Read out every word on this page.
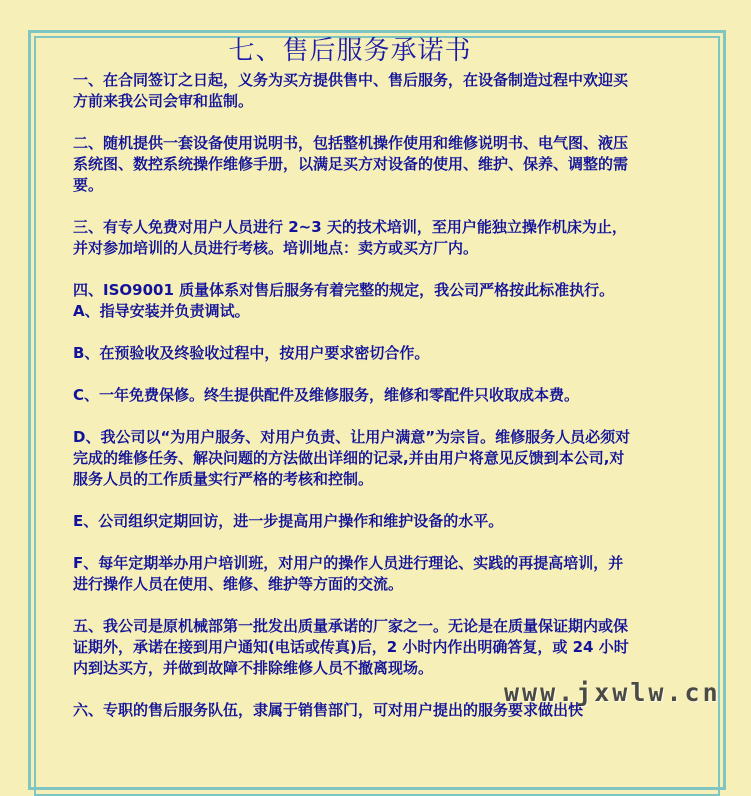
七、售后服务承诺书

一、在合同签订之日起，义务为买方提供售中、售后服务，在设备制造过程中欢迎买方前来我公司会审和监制。

二、随机提供一套设备使用说明书，包括整机操作使用和维修说明书、电气图、液压系统图、数控系统操作维修手册，以满足买方对设备的使用、维护、保养、调整的需要。

三、有专人免费对用户人员进行 2~3 天的技术培训，至用户能独立操作机床为止，并对参加培训的人员进行考核。培训地点：卖方或买方厂内。

四、ISO9001 质量体系对售后服务有着完整的规定，我公司严格按此标准执行。

A、指导安装并负责调试。

B、在预验收及终验收过程中，按用户要求密切合作。

C、一年免费保修。终生提供配件及维修服务，维修和零配件只收取成本费。

D、我公司以“为用户服务、对用户负责、让用户满意”为宗旨。维修服务人员必须对完成的维修任务、解决问题的方法做出详细的记录,并由用户将意见反馈到本公司,对服务人员的工作质量实行严格的考核和控制。

E、公司组织定期回访，进一步提高用户操作和维护设备的水平。

F、每年定期举办用户培训班，对用户的操作人员进行理论、实践的再提高培训，并进行操作人员在使用、维修、维护等方面的交流。

五、我公司是原机械部第一批发出质量承诺的厂家之一。无论是在质量保证期内或保证期外，承诺在接到用户通知(电话或传真)后，2 小时内作出明确答复，或 24 小时内到达买方，并做到故障不排除维修人员不撤离现场。

六、专职的售后服务队伍，隶属于销售部门，可对用户提出的服务要求做出快

www.jxwlw.cn
